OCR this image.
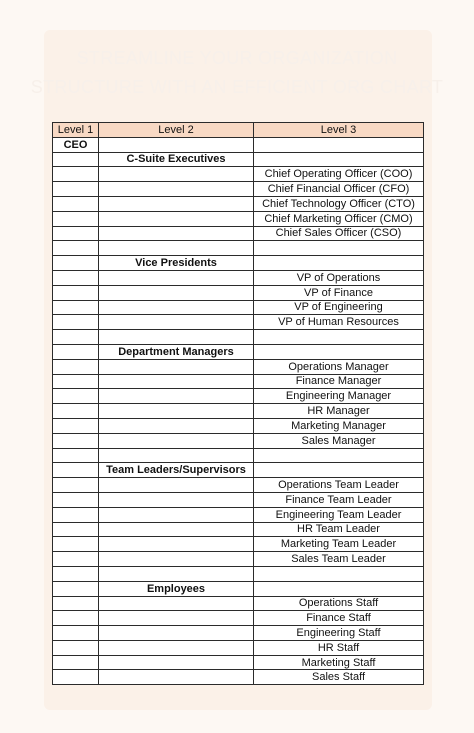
STREAMLINE YOUR ORGANIZATION
STRUCTURE WITH AN EFFICIENT ORG CHART
Level 1	Level 2	Level 3
CEO		
	C-Suite Executives	
		Chief Operating Officer (COO)
		Chief Financial Officer (CFO)
		Chief Technology Officer (CTO)
		Chief Marketing Officer (CMO)
		Chief Sales Officer (CSO)

	Vice Presidents	
		VP of Operations
		VP of Finance
		VP of Engineering
		VP of Human Resources

	Department Managers	
		Operations Manager
		Finance Manager
		Engineering Manager
		HR Manager
		Marketing Manager
		Sales Manager

	Team Leaders/Supervisors	
		Operations Team Leader
		Finance Team Leader
		Engineering Team Leader
		HR Team Leader
		Marketing Team Leader
		Sales Team Leader

	Employees	
		Operations Staff
		Finance Staff
		Engineering Staff
		HR Staff
		Marketing Staff
		Sales Staff
